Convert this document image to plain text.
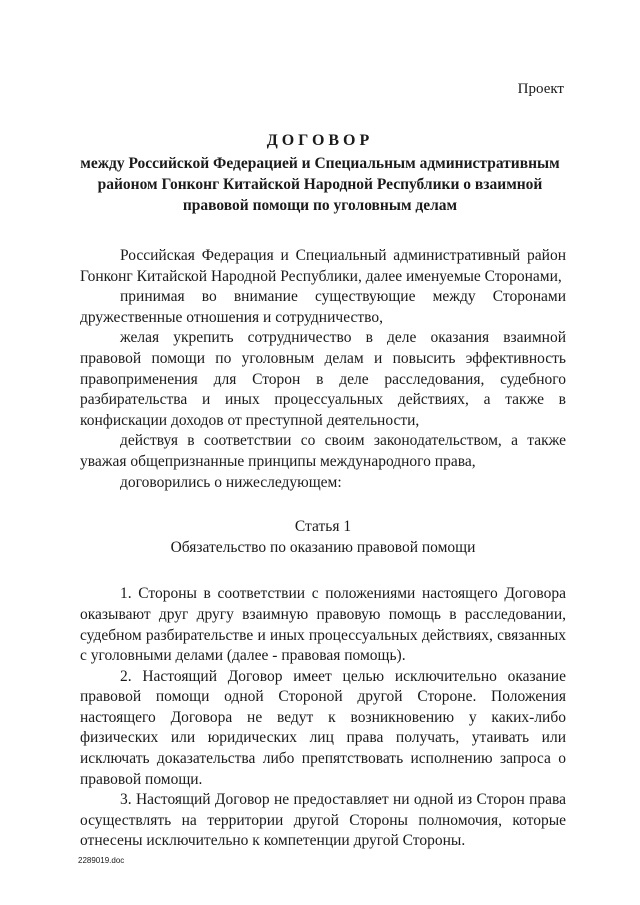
Проект
ДОГОВОР
между Российской Федерацией и Специальным административным районом Гонконг Китайской Народной Республики о взаимной правовой помощи по уголовным делам

Российская Федерация и Специальный административный район Гонконг Китайской Народной Республики, далее именуемые Сторонами,

принимая во внимание существующие между Сторонами дружественные отношения и сотрудничество,

желая укрепить сотрудничество в деле оказания взаимной правовой помощи по уголовным делам и повысить эффективность правоприменения для Сторон в деле расследования, судебного разбирательства и иных процессуальных действиях, а также в конфискации доходов от преступной деятельности,

действуя в соответствии со своим законодательством, а также уважая общепризнанные принципы международного права,

договорились о нижеследующем:

Статья 1

Обязательство по оказанию правовой помощи

1. Стороны в соответствии с положениями настоящего Договора оказывают друг другу взаимную правовую помощь в расследовании, судебном разбирательстве и иных процессуальных действиях, связанных с уголовными делами (далее - правовая помощь).

2. Настоящий Договор имеет целью исключительно оказание правовой помощи одной Стороной другой Стороне. Положения настоящего Договора не ведут к возникновению у каких-либо физических или юридических лиц права получать, утаивать или исключать доказательства либо препятствовать исполнению запроса о правовой помощи.

3. Настоящий Договор не предоставляет ни одной из Сторон права осуществлять на территории другой Стороны полномочия, которые отнесены исключительно к компетенции другой Стороны.

2289019.doc
